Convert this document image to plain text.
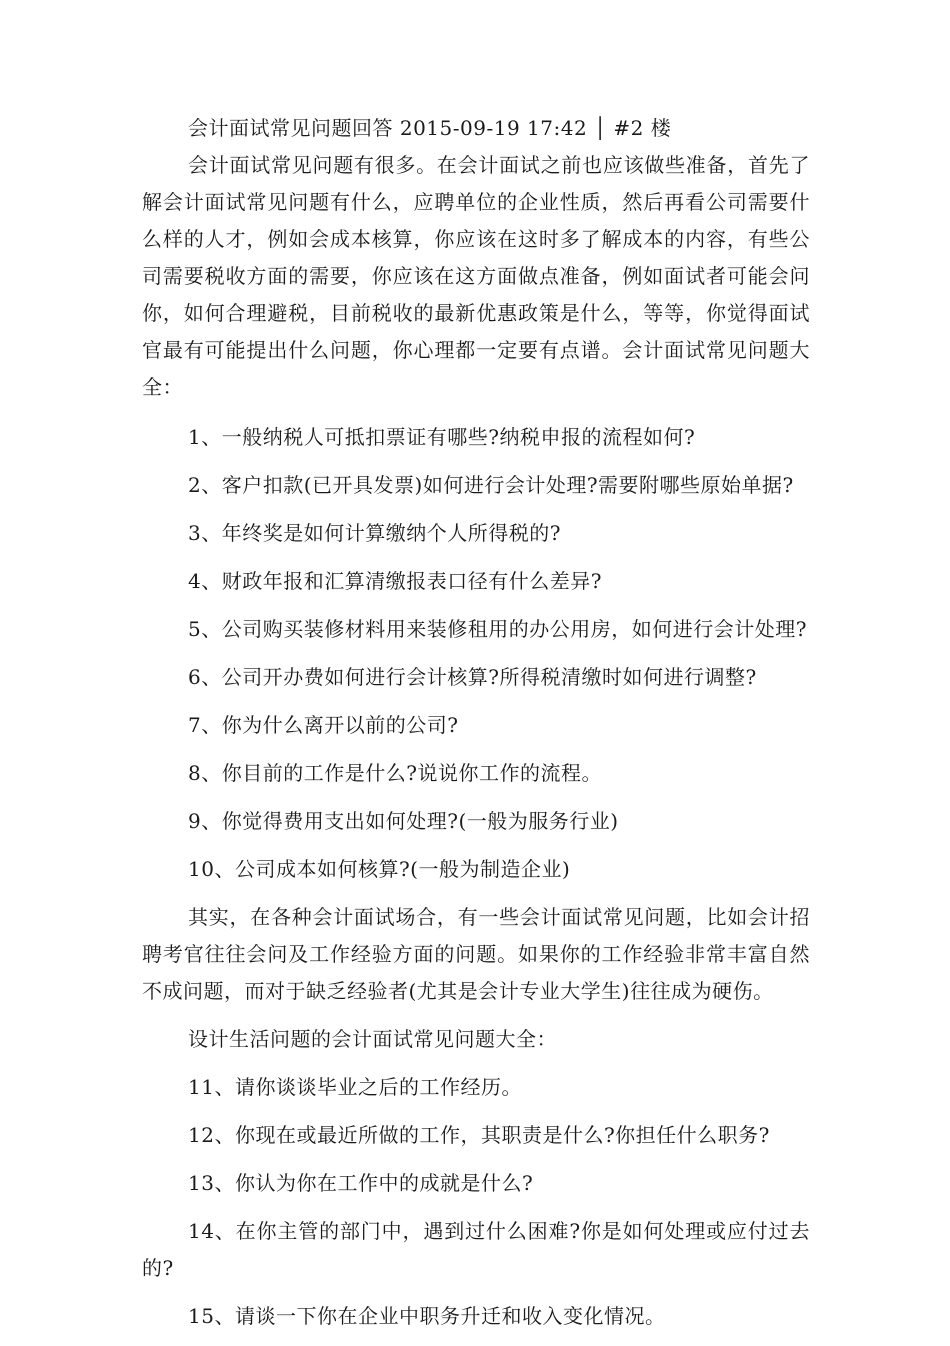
会计面试常见问题回答 2015-09-19 17:42 │ #2 楼

会计面试常见问题有很多。在会计面试之前也应该做些准备，首先了解会计面试常见问题有什么，应聘单位的企业性质，然后再看公司需要什么样的人才，例如会成本核算，你应该在这时多了解成本的内容，有些公司需要税收方面的需要，你应该在这方面做点准备，例如面试者可能会问你，如何合理避税，目前税收的最新优惠政策是什么，等等，你觉得面试官最有可能提出什么问题，你心理都一定要有点谱。会计面试常见问题大全：

1、一般纳税人可抵扣票证有哪些?纳税申报的流程如何?

2、客户扣款(已开具发票)如何进行会计处理?需要附哪些原始单据?

3、年终奖是如何计算缴纳个人所得税的?

4、财政年报和汇算清缴报表口径有什么差异?

5、公司购买装修材料用来装修租用的办公用房，如何进行会计处理?

6、公司开办费如何进行会计核算?所得税清缴时如何进行调整?

7、你为什么离开以前的公司?

8、你目前的工作是什么?说说你工作的流程。

9、你觉得费用支出如何处理?(一般为服务行业)

10、公司成本如何核算?(一般为制造企业)

其实，在各种会计面试场合，有一些会计面试常见问题，比如会计招聘考官往往会问及工作经验方面的问题。如果你的工作经验非常丰富自然不成问题，而对于缺乏经验者(尤其是会计专业大学生)往往成为硬伤。

设计生活问题的会计面试常见问题大全：

11、请你谈谈毕业之后的工作经历。

12、你现在或最近所做的工作，其职责是什么?你担任什么职务?

13、你认为你在工作中的成就是什么?

14、在你主管的部门中，遇到过什么困难?你是如何处理或应付过去的?

15、请谈一下你在企业中职务升迁和收入变化情况。
